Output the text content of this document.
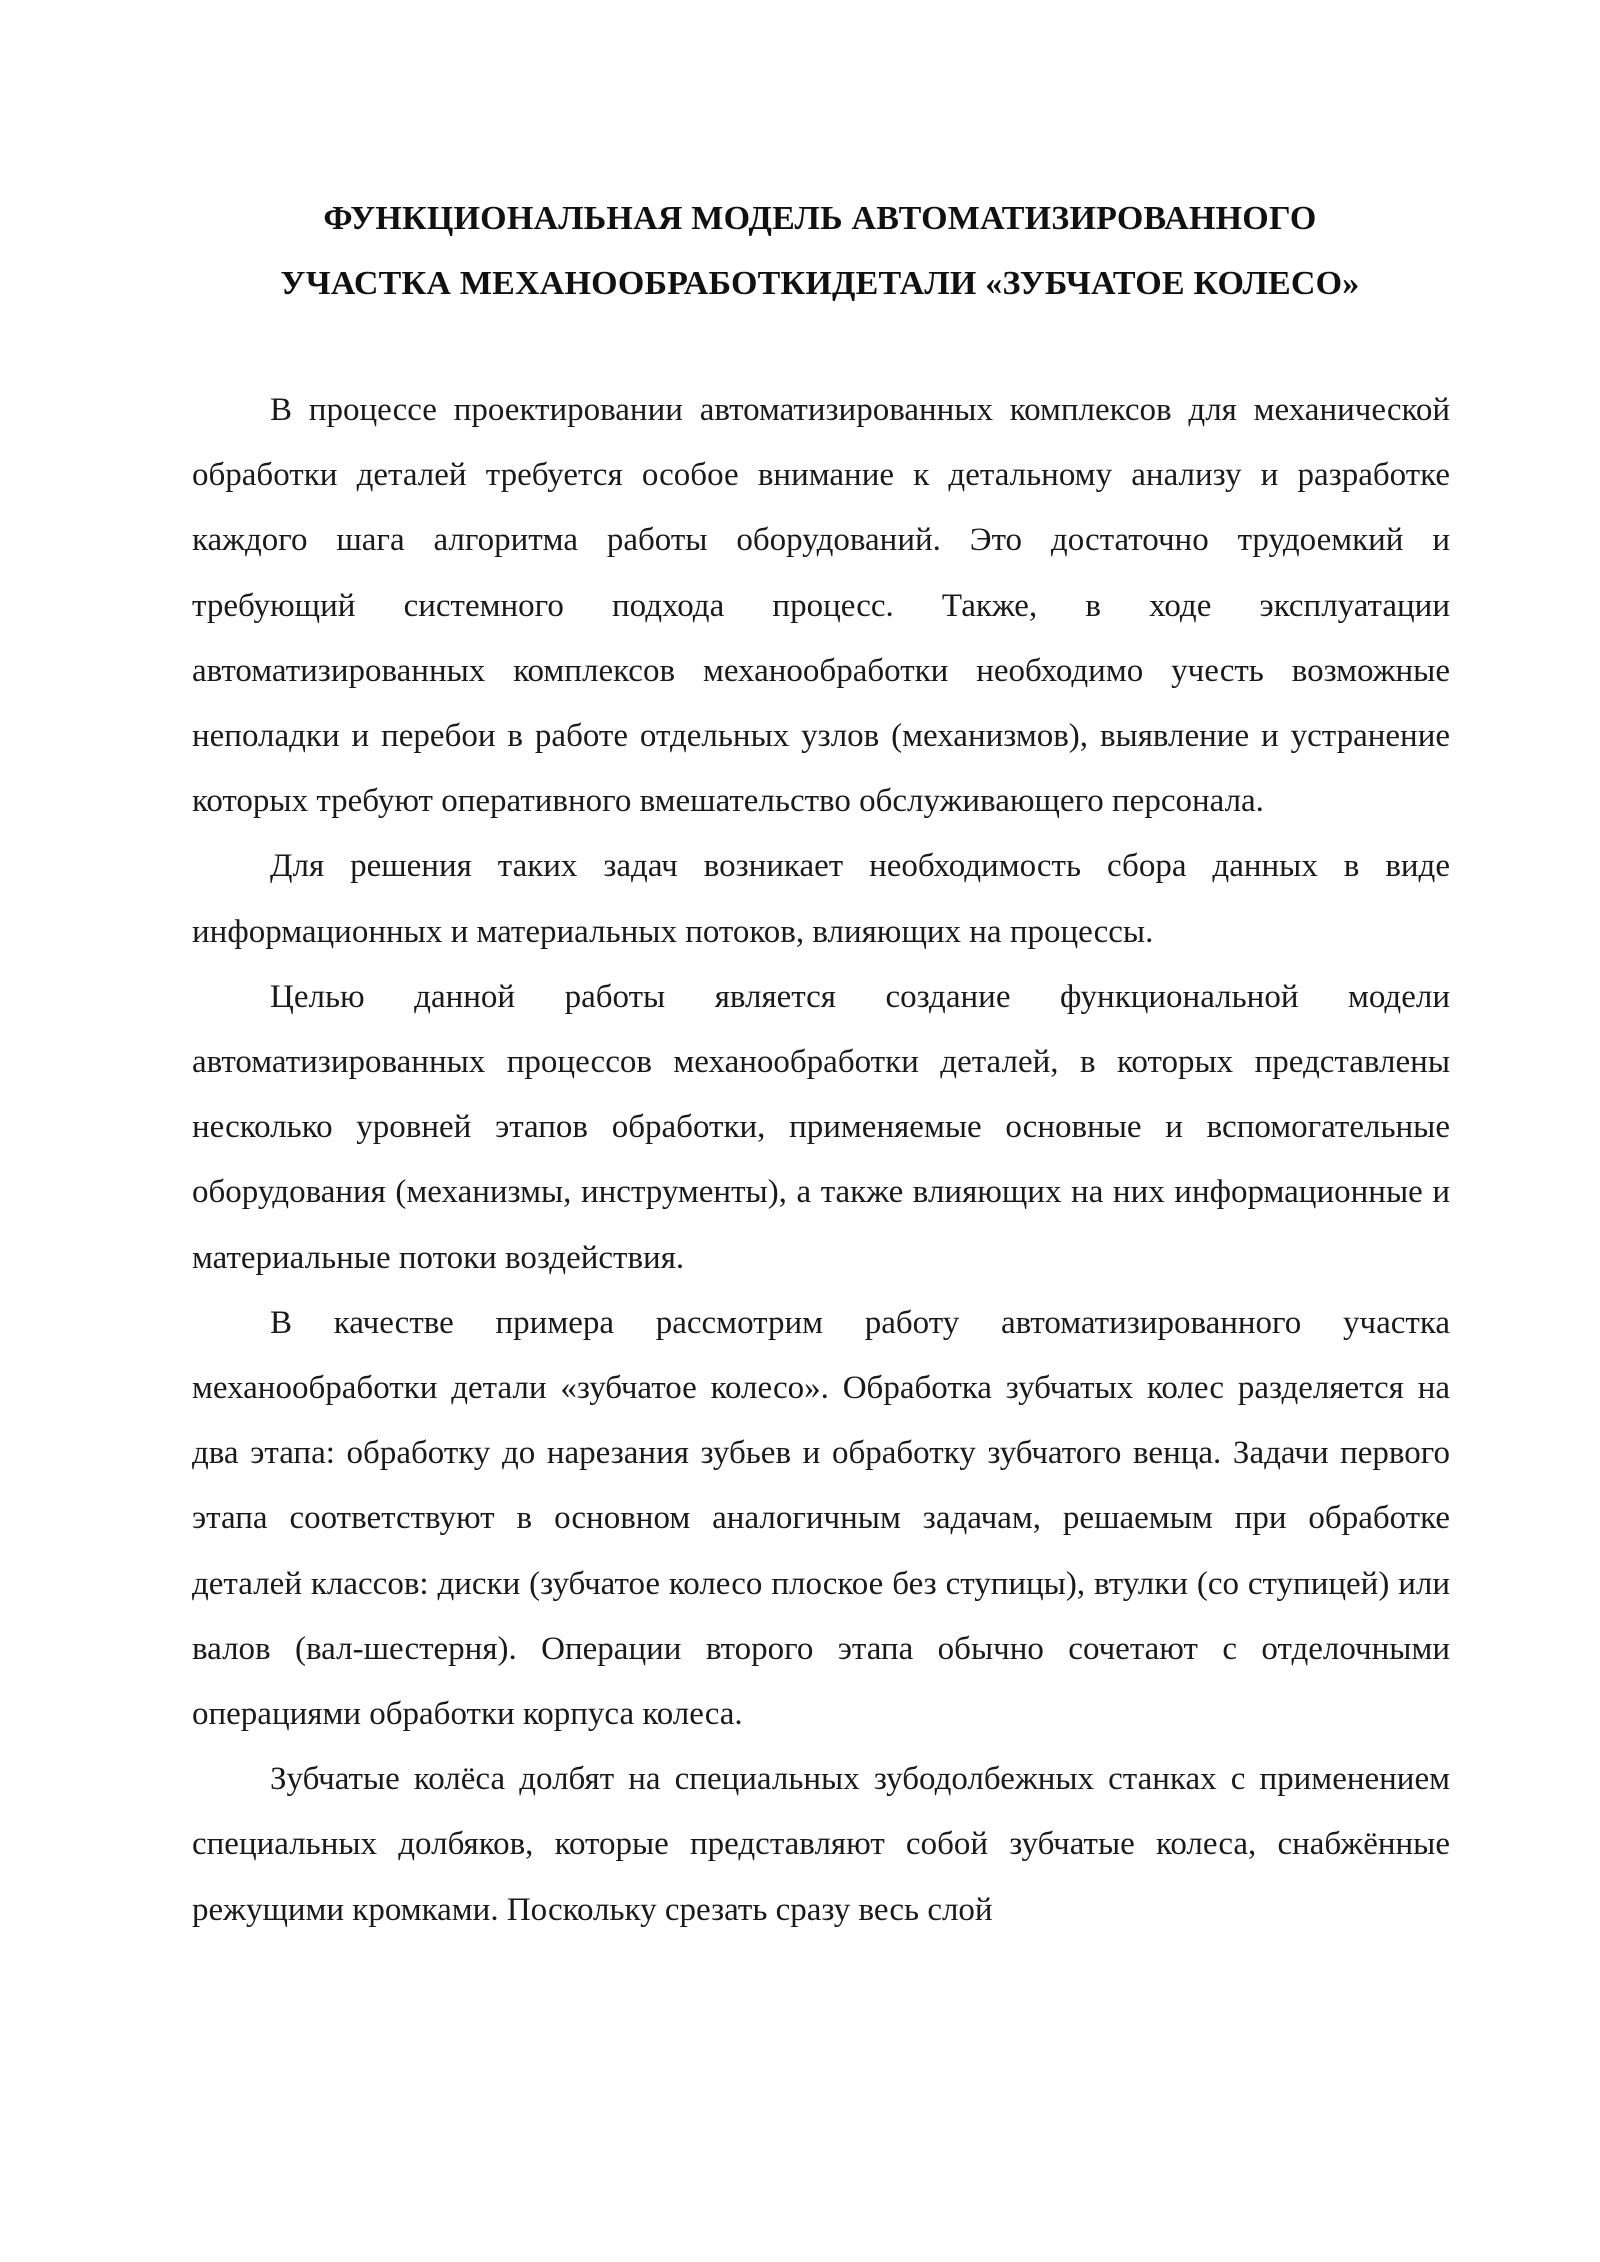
ФУНКЦИОНАЛЬНАЯ МОДЕЛЬ АВТОМАТИЗИРОВАННОГО
УЧАСТКА МЕХАНООБРАБОТКИДЕТАЛИ «ЗУБЧАТОЕ КОЛЕСО»

В процессе проектировании автоматизированных комплексов для механической обработки деталей требуется особое внимание к детальному анализу и разработке каждого шага алгоритма работы оборудований. Это достаточно трудоемкий и требующий системного подхода процесс. Также, в ходе эксплуатации автоматизированных комплексов механообработки необходимо учесть возможные неполадки и перебои в работе отдельных узлов (механизмов), выявление и устранение которых требуют оперативного вмешательство обслуживающего персонала.

Для решения таких задач возникает необходимость сбора данных в виде информационных и материальных потоков, влияющих на процессы.

Целью данной работы является создание функциональной модели автоматизированных процессов механообработки деталей, в которых представлены несколько уровней этапов обработки, применяемые основные и вспомогательные оборудования (механизмы, инструменты), а также влияющих на них информационные и материальные потоки воздействия.

В качестве примера рассмотрим работу автоматизированного участка механообработки детали «зубчатое колесо». Обработка зубчатых колес разделяется на два этапа: обработку до нарезания зубьев и обработку зубчатого венца. Задачи первого этапа соответствуют в основном аналогичным задачам, решаемым при обработке деталей классов: диски (зубчатое колесо плоское без ступицы), втулки (со ступицей) или валов (вал-шестерня). Операции второго этапа обычно сочетают с отделочными операциями обработки корпуса колеса.

Зубчатые колёса долбят на специальных зубодолбежных станках с применением специальных долбяков, которые представляют собой зубчатые колеса, снабжённые режущими кромками. Поскольку срезать сразу весь слой
